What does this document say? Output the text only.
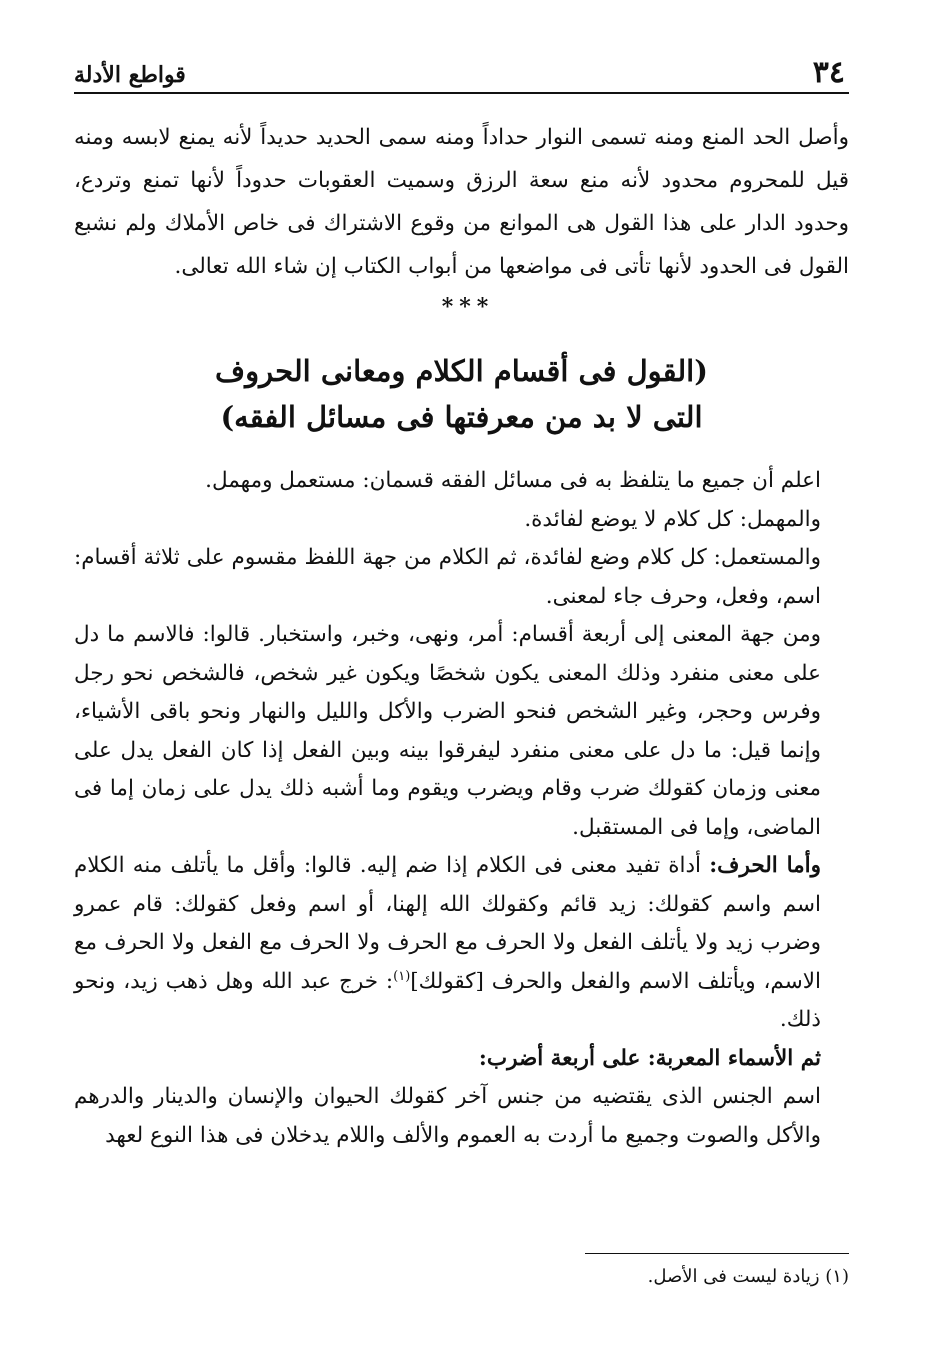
٣٤
قواطع الأدلة
وأصل الحد المنع ومنه تسمى النوار حداداً ومنه سمى الحديد حديداً لأنه يمنع لابسه ومنه قيل للمحروم محدود لأنه منع سعة الرزق وسميت العقوبات حدوداً لأنها تمنع وتردع، وحدود الدار على هذا القول هى الموانع من وقوع الاشتراك فى خاص الأملاك ولم نشبع القول فى الحدود لأنها تأتى فى مواضعها من أبواب الكتاب إن شاء الله تعالى.
***
(القول فى أقسام الكلام ومعانى الحروف
التى لا بد من معرفتها فى مسائل الفقه)

اعلم أن جميع ما يتلفظ به فى مسائل الفقه قسمان: مستعمل ومهمل.

والمهمل: كل كلام لا يوضع لفائدة.

والمستعمل: كل كلام وضع لفائدة، ثم الكلام من جهة اللفظ مقسوم على ثلاثة أقسام: اسم، وفعل، وحرف جاء لمعنى.

ومن جهة المعنى إلى أربعة أقسام: أمر، ونهى، وخبر، واستخبار. قالوا: فالاسم ما دل على معنى منفرد وذلك المعنى يكون شخصًا ويكون غير شخص، فالشخص نحو رجل وفرس وحجر، وغير الشخص فنحو الضرب والأكل والليل والنهار ونحو باقى الأشياء، وإنما قيل: ما دل على معنى منفرد ليفرقوا بينه وبين الفعل إذا كان الفعل يدل على معنى وزمان كقولك ضرب وقام ويضرب ويقوم وما أشبه ذلك يدل على زمان إما فى الماضى، وإما فى المستقبل.

وأما الحرف: أداة تفيد معنى فى الكلام إذا ضم إليه. قالوا: وأقل ما يأتلف منه الكلام اسم واسم كقولك: زيد قائم وكقولك الله إلهنا، أو اسم وفعل كقولك: قام عمرو وضرب زيد ولا يأتلف الفعل ولا الحرف مع الحرف ولا الحرف مع الفعل ولا الحرف مع الاسم، ويأتلف الاسم والفعل والحرف [كقولك]$^{(١)}$: خرج عبد الله وهل ذهب زيد، ونحو ذلك.

ثم الأسماء المعربة: على أربعة أضرب:

اسم الجنس الذى يقتضيه من جنس آخر كقولك الحيوان والإنسان والدينار والدرهم والأكل والصوت وجميع ما أردت به العموم والألف واللام يدخلان فى هذا النوع لعهد

(١) زيادة ليست فى الأصل.
